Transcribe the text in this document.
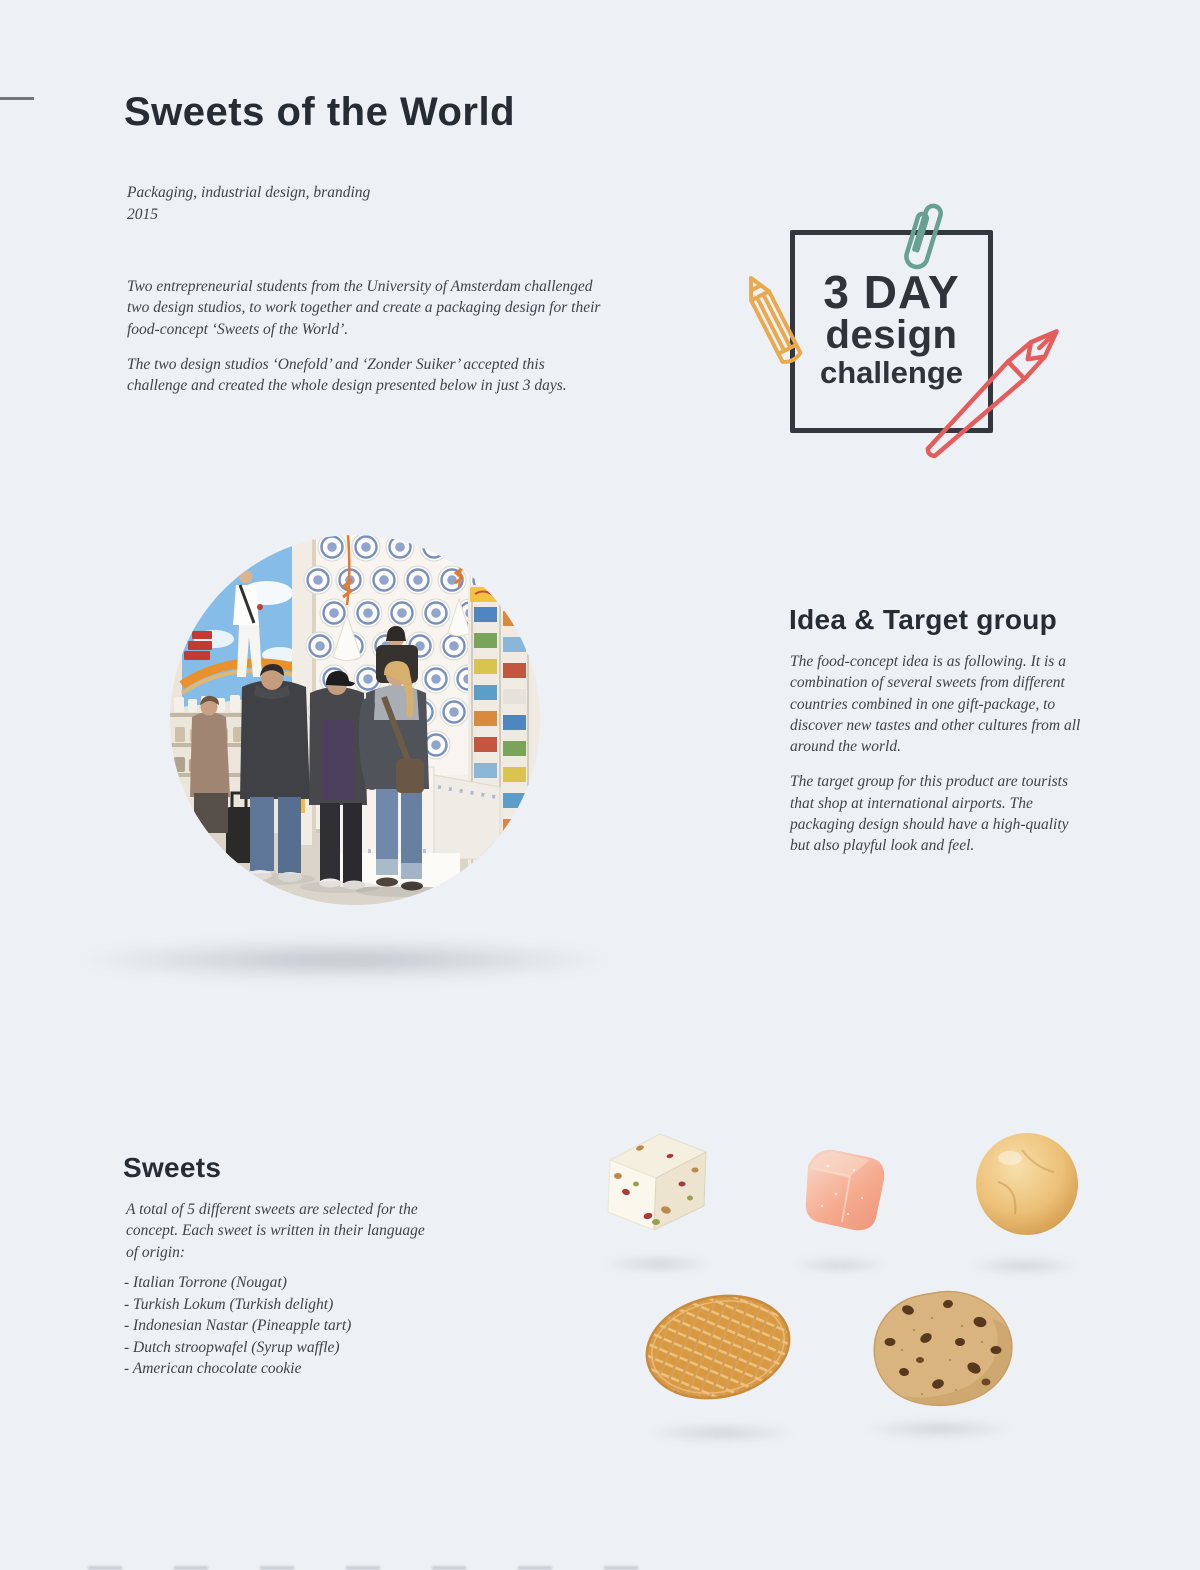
Sweets of the World
Packaging, industrial design, branding
2015

Two entrepreneurial students from the University of Amsterdam challenged two design studios, to work together and create a packaging design for their food-concept ‘Sweets of the World’.

The two design studios ‘Onefold’ and ‘Zonder Suiker’ accepted this challenge and created the whole design presented below in just 3 days.

3 DAY
design
challenge
Idea & Target group

The food-concept idea is as following. It is a combination of several sweets from different countries combined in one gift-package, to discover new tastes and other cultures from all around the world.

The target group for this product are tourists that shop at international airports. The packaging design should have a high-quality but also playful look and feel.

Sweets
A total of 5 different sweets are selected for the concept. Each sweet is written in their language of origin:
- Italian Torrone (Nougat)
- Turkish Lokum (Turkish delight)
- Indonesian Nastar (Pineapple tart)
- Dutch stroopwafel (Syrup waffle)
- American chocolate cookie
